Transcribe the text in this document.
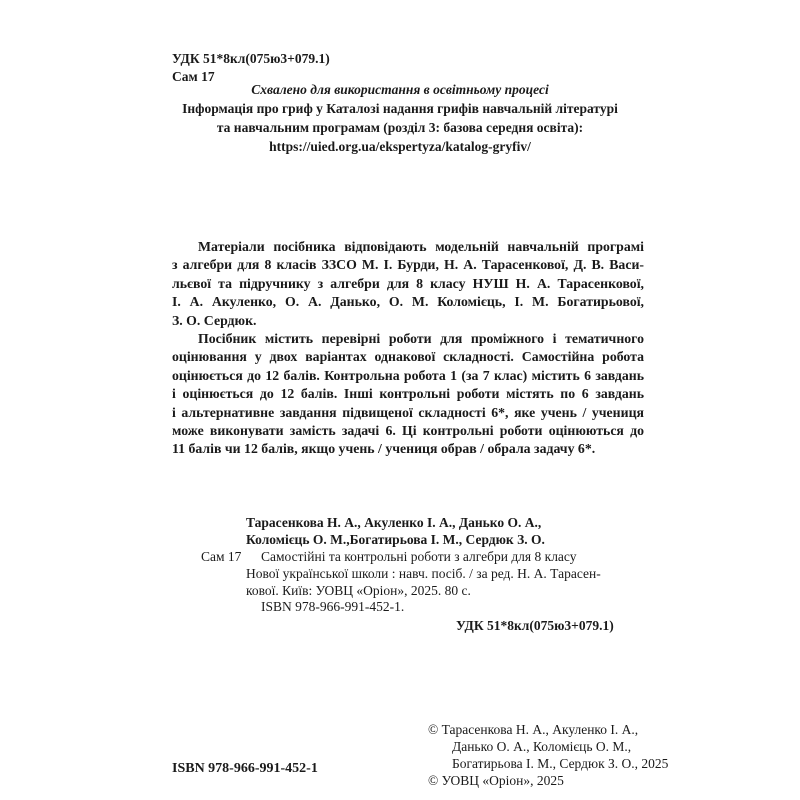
УДК 51*8кл(075ю3+079.1)
Сам 17
Схвалено для використання в освітньому процесі
Інформація про гриф у Каталозі надання грифів навчальній літературі
та навчальним програмам (розділ 3: базова середня освіта):
https://uied.org.ua/ekspertyza/katalog-gryfiv/
Матеріали посібника відповідають модельній навчальній програмі
з алгебри для 8 класів ЗЗСО М. І. Бурди, Н. А. Тарасенкової, Д. В. Васи-
льєвої та підручнику з алгебри для 8 класу НУШ Н. А. Тарасенкової,
І. А. Акуленко, О. А. Данько, О. М. Коломієць, І. М. Богатирьової,
З. О. Сердюк.
Посібник містить перевірні роботи для проміжного і тематичного
оцінювання у двох варіантах однакової складності. Самостійна робота
оцінюється до 12 балів. Контрольна робота 1 (за 7 клас) містить 6 завдань
і оцінюється до 12 балів. Інші контрольні роботи містять по 6 завдань
і альтернативне завдання підвищеної складності 6*, яке учень / учениця
може виконувати замість задачі 6. Ці контрольні роботи оцінюються до
11 балів чи 12 балів, якщо учень / учениця обрав / обрала задачу 6*.
Тарасенкова Н. А., Акуленко І. А., Данько О. А.,
Коломієць О. М.,Богатирьова І. М., Сердюк З. О.
Сам 17 Самостійні та контрольні роботи з алгебри для 8 класу
Нової української школи : навч. посіб. / за ред. Н. А. Тарасен-
кової. Київ: УОВЦ «Оріон», 2025. 80 с.
ISBN 978-966-991-452-1.
УДК 51*8кл(075ю3+079.1)
© Тарасенкова Н. А., Акуленко І. А.,
Данько О. А., Коломієць О. М.,
Богатирьова І. М., Сердюк З. О., 2025
© УОВЦ «Оріон», 2025
ISBN 978-966-991-452-1
